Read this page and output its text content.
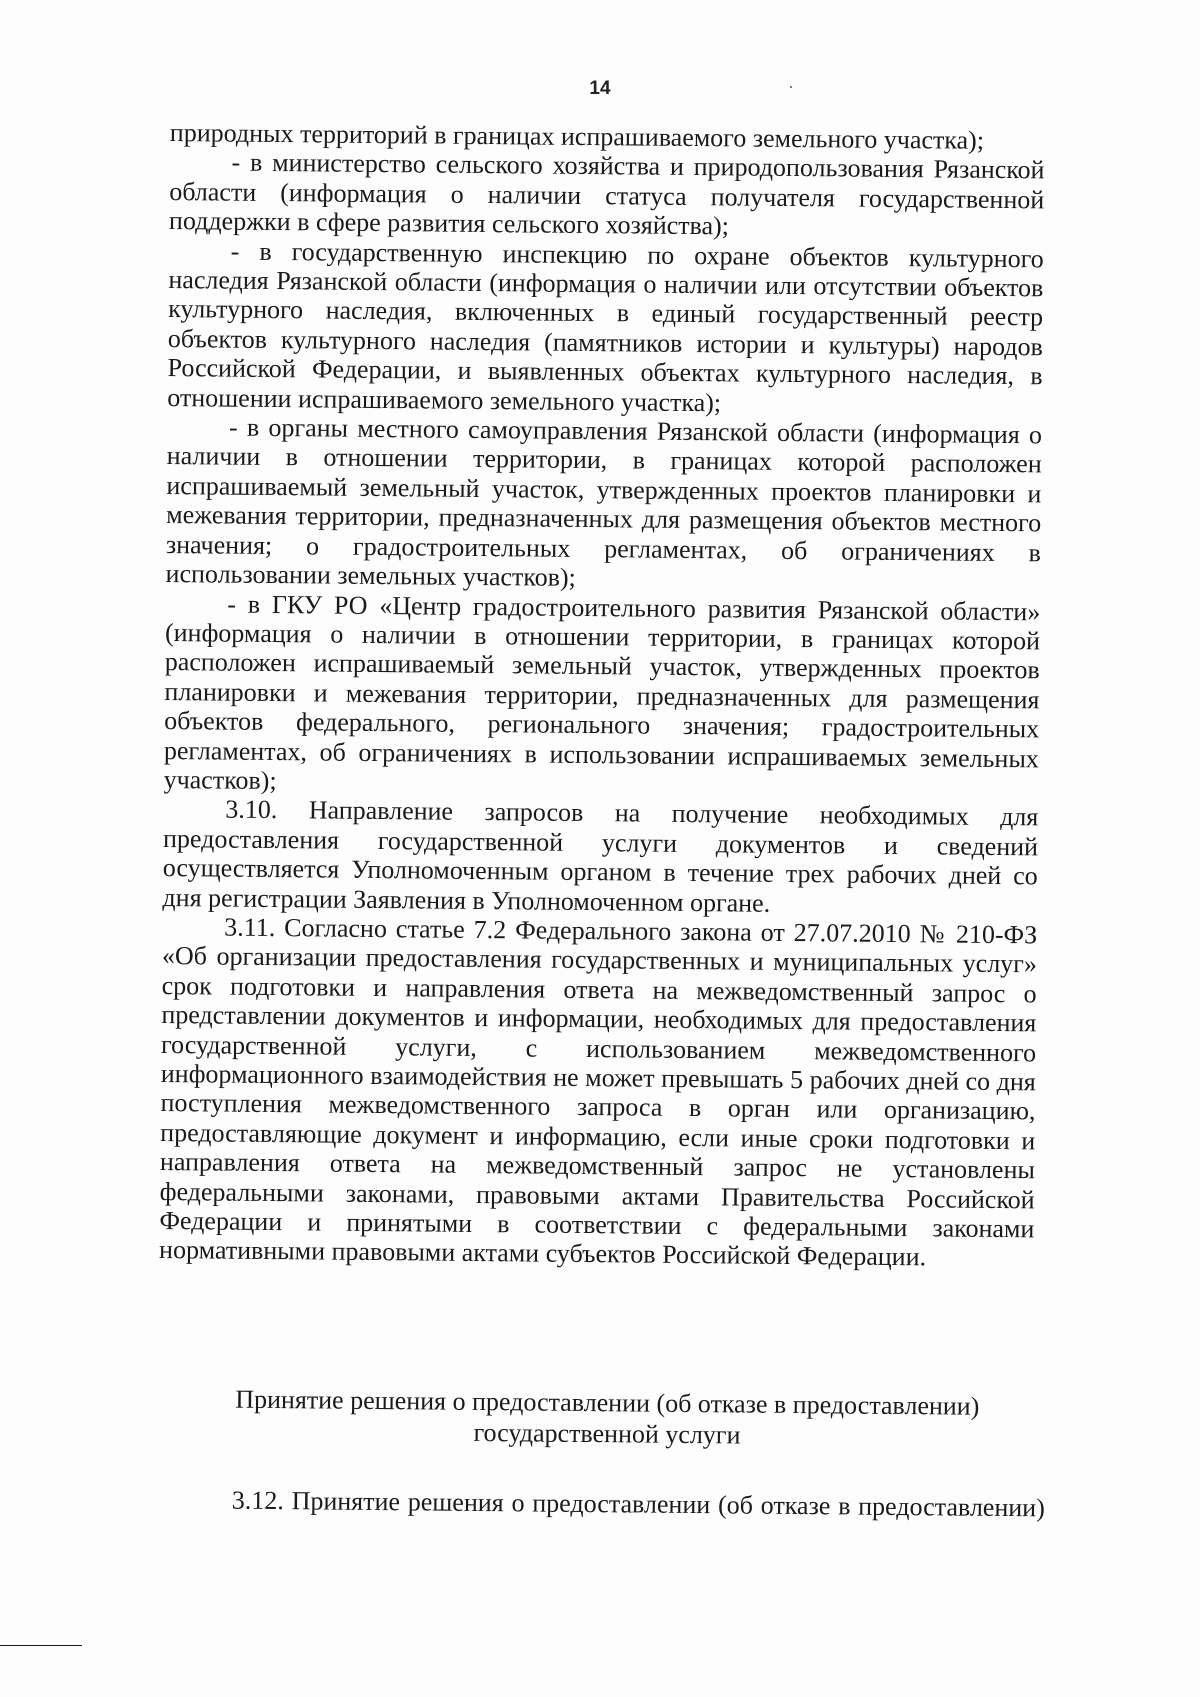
14

природных территорий в границах испрашиваемого земельного участка);

- в министерство сельского хозяйства и природопользования Рязанской области (информация о наличии статуса получателя государственной поддержки в сфере развития сельского хозяйства);

- в государственную инспекцию по охране объектов культурного наследия Рязанской области (информация о наличии или отсутствии объектов культурного наследия, включенных в единый государственный реестр объектов культурного наследия (памятников истории и культуры) народов Российской Федерации, и выявленных объектах культурного наследия, в отношении испрашиваемого земельного участка);

- в органы местного самоуправления Рязанской области (информация о наличии в отношении территории, в границах которой расположен испрашиваемый земельный участок, утвержденных проектов планировки и межевания территории, предназначенных для размещения объектов местного значения; о градостроительных регламентах, об ограничениях в использовании земельных участков);

- в ГКУ РО «Центр градостроительного развития Рязанской области» (информация о наличии в отношении территории, в границах которой расположен испрашиваемый земельный участок, утвержденных проектов планировки и межевания территории, предназначенных для размещения объектов федерального, регионального значения; градостроительных регламентах, об ограничениях в использовании испрашиваемых земельных участков);

3.10. Направление запросов на получение необходимых для предоставления государственной услуги документов и сведений осуществляется Уполномоченным органом в течение трех рабочих дней со дня регистрации Заявления в Уполномоченном органе.

3.11. Согласно статье 7.2 Федерального закона от 27.07.2010 № 210-ФЗ «Об организации предоставления государственных и муниципальных услуг» срок подготовки и направления ответа на межведомственный запрос о представлении документов и информации, необходимых для предоставления государственной услуги, с использованием межведомственного информационного взаимодействия не может превышать 5 рабочих дней со дня поступления межведомственного запроса в орган или организацию, предоставляющие документ и информацию, если иные сроки подготовки и направления ответа на межведомственный запрос не установлены федеральными законами, правовыми актами Правительства Российской Федерации и принятыми в соответствии с федеральными законами нормативными правовыми актами субъектов Российской Федерации.

Принятие решения о предоставлении (об отказе в предоставлении)
государственной услуги
3.12. Принятие решения о предоставлении (об отказе в предоставлении)
